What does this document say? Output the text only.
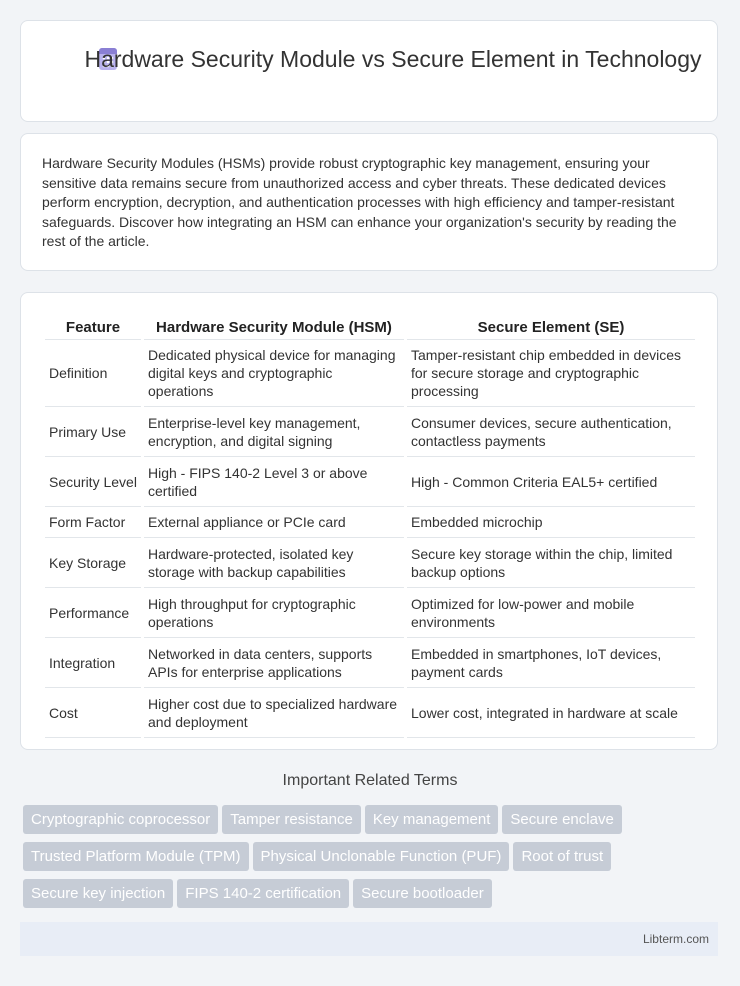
Hardware Security Module vs Secure Element in Technology
Hardware Security Modules (HSMs) provide robust cryptographic key management, ensuring your sensitive data remains secure from unauthorized access and cyber threats. These dedicated devices perform encryption, decryption, and authentication processes with high efficiency and tamper-resistant safeguards. Discover how integrating an HSM can enhance your organization's security by reading the rest of the article.
Feature	Hardware Security Module (HSM)	Secure Element (SE)
Definition	Dedicated physical device for managing digital keys and cryptographic operations	Tamper-resistant chip embedded in devices for secure storage and cryptographic processing
Primary Use	Enterprise-level key management, encryption, and digital signing	Consumer devices, secure authentication, contactless payments
Security Level	High - FIPS 140-2 Level 3 or above certified	High - Common Criteria EAL5+ certified
Form Factor	External appliance or PCIe card	Embedded microchip
Key Storage	Hardware-protected, isolated key storage with backup capabilities	Secure key storage within the chip, limited backup options
Performance	High throughput for cryptographic operations	Optimized for low-power and mobile environments
Integration	Networked in data centers, supports APIs for enterprise applications	Embedded in smartphones, IoT devices, payment cards
Cost	Higher cost due to specialized hardware and deployment	Lower cost, integrated in hardware at scale
Important Related Terms
Cryptographic coprocessor Tamper resistance Key management Secure enclaveTrusted Platform Module (TPM) Physical Unclonable Function (PUF) Root of trustSecure key injection FIPS 140-2 certification Secure bootloader
Libterm.com
